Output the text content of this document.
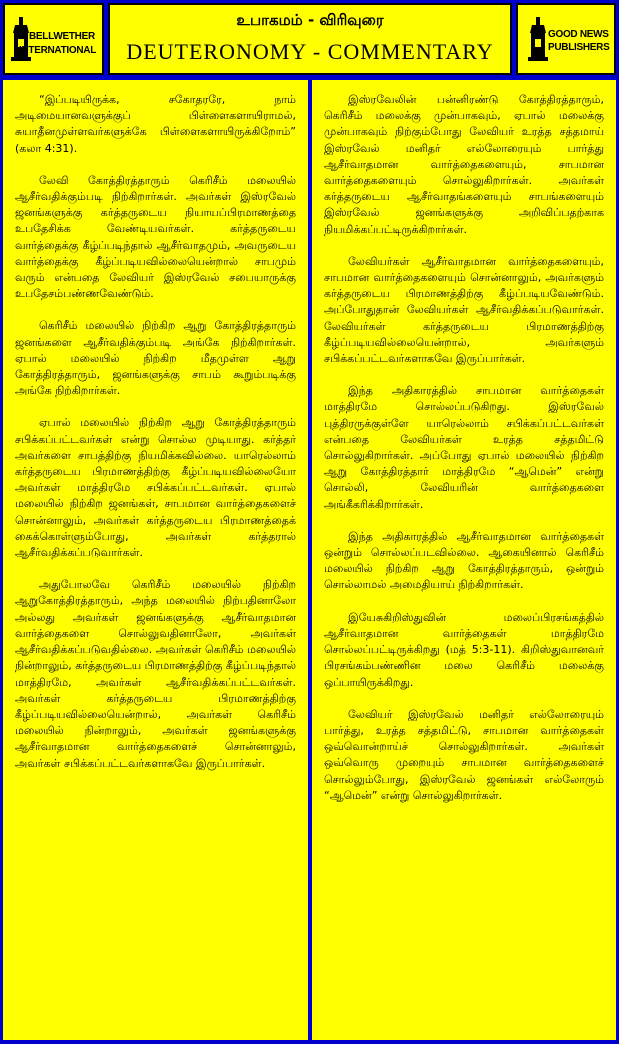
BELLWETHER
INTERNATIONAL
உபாகமம் - விரிவுரை
DEUTERONOMY - COMMENTARY
GOOD NEWS
PUBLISHERS

“இப்படியிருக்க, சகோதரரே, நாம் அடிமையானவளுக்குப் பிள்ளைகளாயிராமல், சுயாதீனமுள்ளவர்களுக்கே பிள்ளைகளாயிருக்கிறோம்” (கலா 4:31).

லேவி கோத்திரத்தாரும் கெரிசீம் மலையில் ஆசீர்வதிக்கும்படி நிற்கிறார்கள். அவர்கள் இஸ்ரவேல் ஜனங்களுக்கு கர்த்தருடைய நியாயப்பிரமாணத்தை உபதேசிக்க வேண்டியவர்கள். கர்த்தருடைய வார்த்தைக்கு கீழ்ப்படிந்தால் ஆசீர்வாதமும், அவருடைய வார்த்தைக்கு கீழ்ப்படியவில்லையென்றால் சாபமும் வரும் என்பதை லேவியர் இஸ்ரவேல் சபையாருக்கு உபதேசம்பண்ணவேண்டும்.

கெரிசீம் மலையில் நிற்கிற ஆறு கோத்திரத்தாரும் ஜனங்களை ஆசீர்வதிக்கும்படி அங்கே நிற்கிறார்கள். ஏபால் மலையில் நிற்கிற மீதமுள்ள ஆறு கோத்திரத்தாரும், ஜனங்களுக்கு சாபம் கூறும்படிக்கு அங்கே நிற்கிறார்கள்.

ஏபால் மலையில் நிற்கிற ஆறு கோத்திரத்தாரும் சபிக்கப்பட்டவர்கள் என்று சொல்ல முடியாது. கர்த்தர் அவர்களை சாபத்திற்கு நியமிக்கவில்லை. யாரெல்லாம் கர்த்தருடைய பிரமாணத்திற்கு கீழ்ப்படியவில்லையோ அவர்கள் மாத்திரமே சபிக்கப்பட்டவர்கள். ஏபால் மலையில் நிற்கிற ஜனங்கள், சாபமான வார்த்தைகளைச் சொன்னாலும், அவர்கள் கர்த்தருடைய பிரமாணத்தைக் கைக்கொள்ளும்போது, அவர்கள் கர்த்தரால் ஆசீர்வதிக்கப்படுவார்கள்.

அதுபோலவே கெரிசீம் மலையில் நிற்கிற ஆறுகோத்திரத்தாரும், அந்த மலையில் நிற்பதினாலோ அல்லது அவர்கள் ஜனங்களுக்கு ஆசீர்வாதமான வார்த்தைகளை சொல்லுவதினாலோ, அவர்கள் ஆசீர்வதிக்கப்படுவதில்லை. அவர்கள் கெரிசீம் மலையில் நின்றாலும், கர்த்தருடைய பிரமாணத்திற்கு கீழ்ப்படிந்தால் மாத்திரமே, அவர்கள் ஆசீர்வதிக்கப்பட்டவர்கள். அவர்கள் கர்த்தருடைய பிரமாணத்திற்கு கீழ்ப்படியவில்லையென்றால், அவர்கள் கெரிசீம் மலையில் நின்றாலும், அவர்கள் ஜனங்களுக்கு ஆசீர்வாதமான வார்த்தைகளைச் சொன்னாலும், அவர்கள் சபிக்கப்பட்டவர்களாகவே இருப்பார்கள்.

இஸ்ரவேலின் பன்னிரண்டு கோத்திரத்தாரும், கெரிசீம் மலைக்கு முன்பாகவும், ஏபால் மலைக்கு முன்பாகவும் நிற்கும்போது லேவியர் உரத்த சத்தமாய் இஸ்ரவேல் மனிதர் எல்லோரையும் பார்த்து ஆசீர்வாதமான வார்த்தைகளையும், சாபமான வார்த்தைகளையும் சொல்லுகிறார்கள். அவர்கள் கர்த்தருடைய ஆசீர்வாதங்களையும் சாபங்களையும் இஸ்ரவேல் ஜனங்களுக்கு அறிவிப்பதற்காக நியமிக்கப்பட்டிருக்கிறார்கள்.

லேவியர்கள் ஆசீர்வாதமான வார்த்தைகளையும், சாபமான வார்த்தைகளையும் சொன்னாலும், அவர்களும் கர்த்தருடைய பிரமாணத்திற்கு கீழ்ப்படியவேண்டும். அப்போதுதான் லேவியர்கள் ஆசீர்வதிக்கப்படுவார்கள். லேவியர்கள் கர்த்தருடைய பிரமாணத்திற்கு கீழ்ப்படியவில்லையென்றால், அவர்களும் சபிக்கப்பட்டவர்களாகவே இருப்பார்கள்.

இந்த அதிகாரத்தில் சாபமான வார்த்தைகள் மாத்திரமே சொல்லப்படுகிறது. இஸ்ரவேல் புத்திரருக்குள்ளே யாரெல்லாம் சபிக்கப்பட்டவர்கள் என்பதை லேவியர்கள் உரத்த சத்தமிட்டு சொல்லுகிறார்கள். அப்போது ஏபால் மலையில் நிற்கிற ஆறு கோத்திரத்தார் மாத்திரமே “ஆமென்” என்று சொல்லி, லேவியரின் வார்த்தைகளை அங்கீகரிக்கிறார்கள்.

இந்த அதிகாரத்தில் ஆசீர்வாதமான வார்த்தைகள் ஒன்றும் சொல்லப்படவில்லை. ஆகையினால் கெரிசீம் மலையில் நிற்கிற ஆறு கோத்திரத்தாரும், ஒன்றும் சொல்லாமல் அமைதியாய் நிற்கிறார்கள்.

இயேசுகிறிஸ்துவின் மலைப்பிரசங்கத்தில் ஆசீர்வாதமான வார்த்தைகள் மாத்திரமே சொல்லப்பட்டிருக்கிறது (மத் 5:3-11). கிறிஸ்துவானவர் பிரசங்கம்பண்ணின மலை கெரிசீம் மலைக்கு ஒப்பாயிருக்கிறது.

லேவியர் இஸ்ரவேல் மனிதர் எல்லோரையும் பார்த்து, உரத்த சத்தமிட்டு, சாபமான வார்த்தைகள் ஒவ்வொன்றாய்ச் சொல்லுகிறார்கள். அவர்கள் ஒவ்வொரு முறையும் சாபமான வார்த்தைகளைச் சொல்லும்போது, இஸ்ரவேல் ஜனங்கள் எல்லோரும் “ஆமென்” என்று சொல்லுகிறார்கள்.
